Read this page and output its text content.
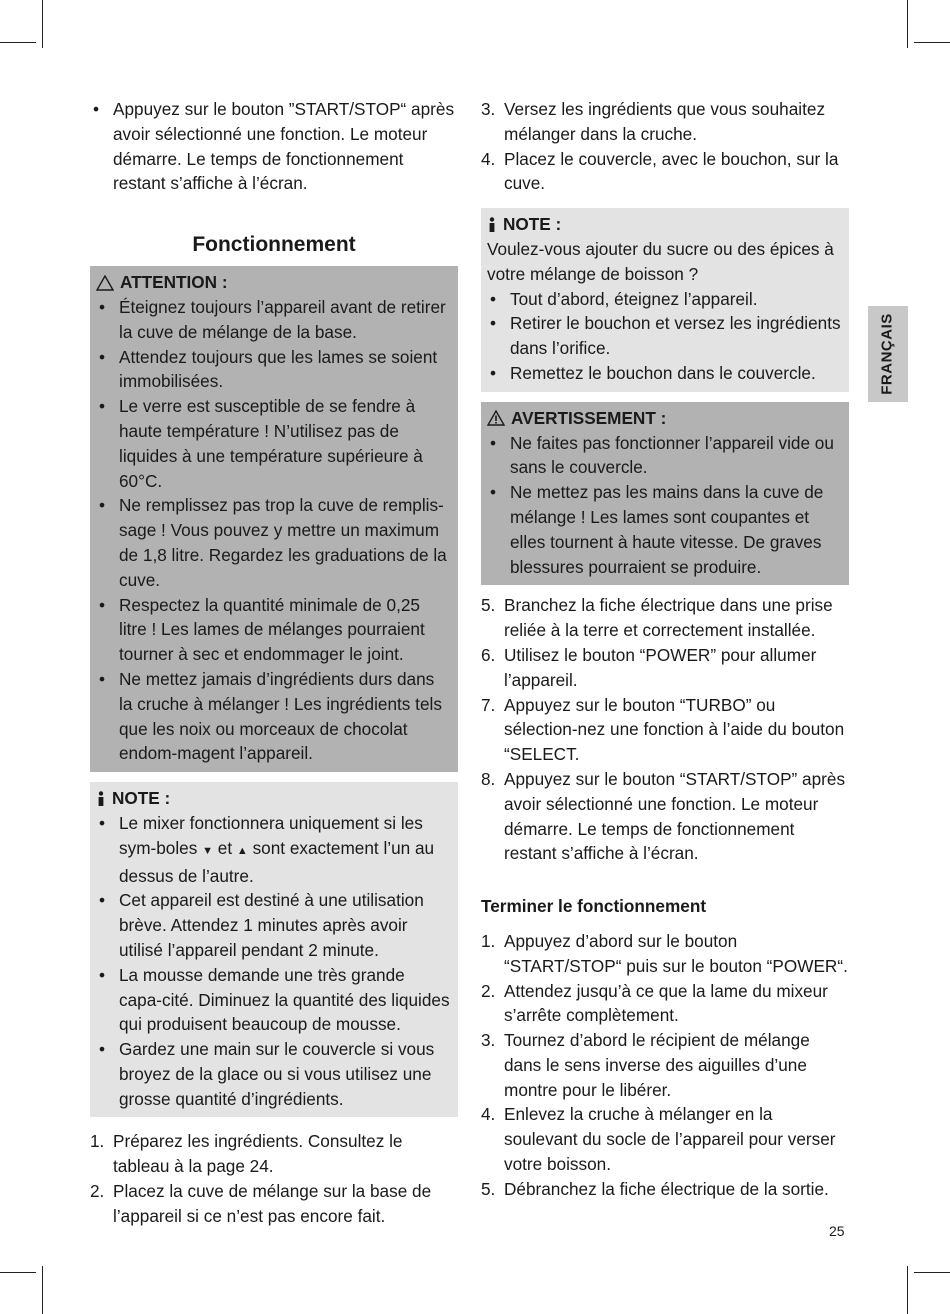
• Appuyez sur le bouton ”START/STOP“ après avoir sélectionné une fonction. Le moteur démarre. Le temps de fonctionnement restant s’affiche à l’écran.
Fonctionnement
ATTENTION :
• Éteignez toujours l’appareil avant de retirer la cuve de mélange de la base.
• Attendez toujours que les lames se soient immobilisées.
• Le verre est susceptible de se fendre à haute température ! N’utilisez pas de liquides à une température supérieure à 60°C.
• Ne remplissez pas trop la cuve de remplis-sage ! Vous pouvez y mettre un maximum de 1,8 litre. Regardez les graduations de la cuve.
• Respectez la quantité minimale de 0,25 litre ! Les lames de mélanges pourraient tourner à sec et endommager le joint.
• Ne mettez jamais d’ingrédients durs dans la cruche à mélanger ! Les ingrédients tels que les noix ou morceaux de chocolat endom-magent l’appareil.
NOTE :
• Le mixer fonctionnera uniquement si les sym-boles ▼ et ▲ sont exactement l’un au dessus de l’autre.
• Cet appareil est destiné à une utilisation brève. Attendez 1 minutes après avoir utilisé l’appareil pendant 2 minute.
• La mousse demande une très grande capa-cité. Diminuez la quantité des liquides qui produisent beaucoup de mousse.
• Gardez une main sur le couvercle si vous broyez de la glace ou si vous utilisez une grosse quantité d’ingrédients.
1. Préparez les ingrédients. Consultez le tableau à la page 24.
2. Placez la cuve de mélange sur la base de l’appareil si ce n’est pas encore fait.
3. Versez les ingrédients que vous souhaitez mélanger dans la cruche.
4. Placez le couvercle, avec le bouchon, sur la cuve.
NOTE :
Voulez-vous ajouter du sucre ou des épices à votre mélange de boisson ?
• Tout d’abord, éteignez l’appareil.
• Retirer le bouchon et versez les ingrédients dans l’orifice.
• Remettez le bouchon dans le couvercle.
AVERTISSEMENT :
• Ne faites pas fonctionner l’appareil vide ou sans le couvercle.
• Ne mettez pas les mains dans la cuve de mélange ! Les lames sont coupantes et elles tournent à haute vitesse. De graves blessures pourraient se produire.
5. Branchez la fiche électrique dans une prise reliée à la terre et correctement installée.
6. Utilisez le bouton “POWER” pour allumer l’appareil.
7. Appuyez sur le bouton “TURBO” ou sélection-nez une fonction à l’aide du bouton “SELECT.
8. Appuyez sur le bouton “START/STOP” après avoir sélectionné une fonction. Le moteur démarre. Le temps de fonctionnement restant s’affiche à l’écran.
Terminer le fonctionnement
1. Appuyez d’abord sur le bouton “START/STOP“ puis sur le bouton “POWER“.
2. Attendez jusqu’à ce que la lame du mixeur s’arrête complètement.
3. Tournez d’abord le récipient de mélange dans le sens inverse des aiguilles d’une montre pour le libérer.
4. Enlevez la cruche à mélanger en la soulevant du socle de l’appareil pour verser votre boisson.
5. Débranchez la fiche électrique de la sortie.
FRANÇAIS
25
